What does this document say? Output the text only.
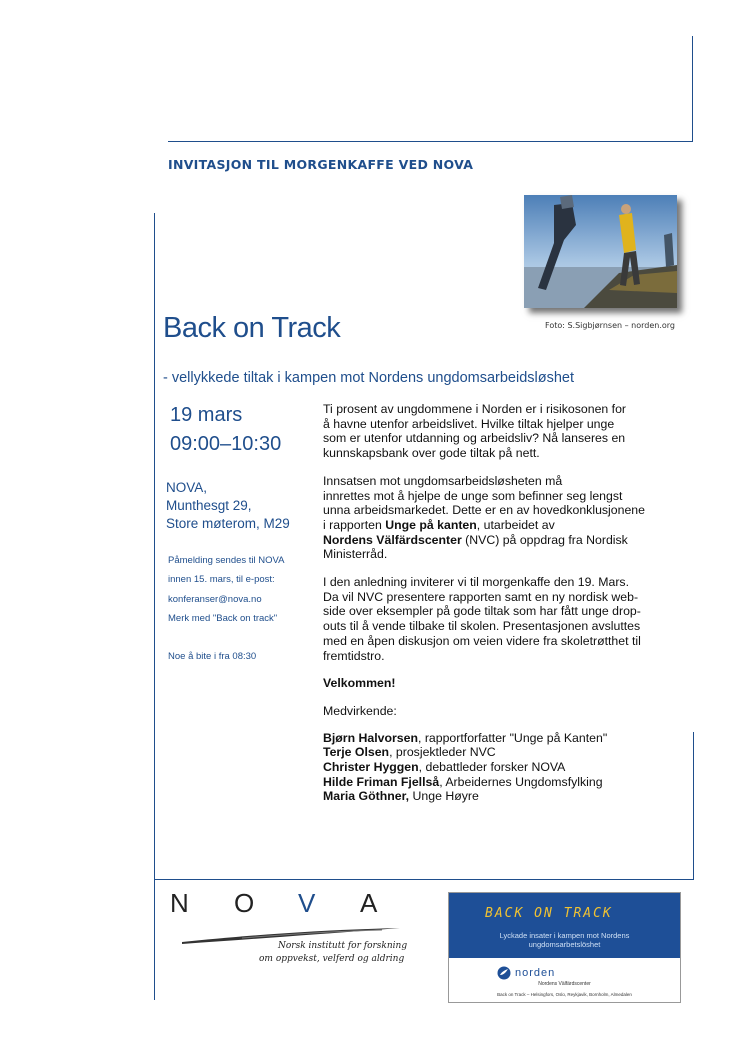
INVITASJON TIL MORGENKAFFE VED NOVA
Foto: S.Sigbjørnsen – norden.org
Back on Track
- vellykkede tiltak i kampen mot Nordens ungdomsarbeidsløshet
19 mars
09:00–10:30
NOVA,
Munthesgt 29,
Store møterom, M29
Påmelding sendes til NOVA
innen 15. mars, til e-post:
konferanser@nova.no
Merk med "Back on track"
Noe å bite i fra 08:30

Ti prosent av ungdommene i Norden er i risikosonen for
å havne utenfor arbeidslivet. Hvilke tiltak hjelper unge
som er utenfor utdanning og arbeidsliv? Nå lanseres en
kunnskapsbank over gode tiltak på nett.

Innsatsen mot ungdomsarbeidsløsheten må
innrettes mot å hjelpe de unge som befinner seg lengst
unna arbeidsmarkedet. Dette er en av hovedkonklusjonene
i rapporten Unge på kanten, utarbeidet av
Nordens Välfärdscenter (NVC) på oppdrag fra Nordisk
Ministerråd.

I den anledning inviterer vi til morgenkaffe den 19. Mars.
Da vil NVC presentere rapporten samt en ny nordisk web-
side over eksempler på gode tiltak som har fått unge drop-
outs til å vende tilbake til skolen. Presentasjonen avsluttes
med en åpen diskusjon om veien videre fra skoletrøtthet til
fremtidstro.

Velkommen!

Medvirkende:

Bjørn Halvorsen, rapportforfatter "Unge på Kanten"
Terje Olsen, prosjektleder NVC
Christer Hyggen, debattleder forsker NOVA
Hilde Friman Fjellså, Arbeidernes Ungdomsfylking
Maria Göthner, Unge Høyre
N O V A
Norsk institutt for forskning
om oppvekst, velferd og aldring
BACK ON TRACK
Lyckade insater i kampen mot Nordens
ungdomsarbetslöshet
norden
Nordens Välfärdscenter
Back on Track – Helsingfors, Oslo, Reykjavik, Bornholm, Almedalen
